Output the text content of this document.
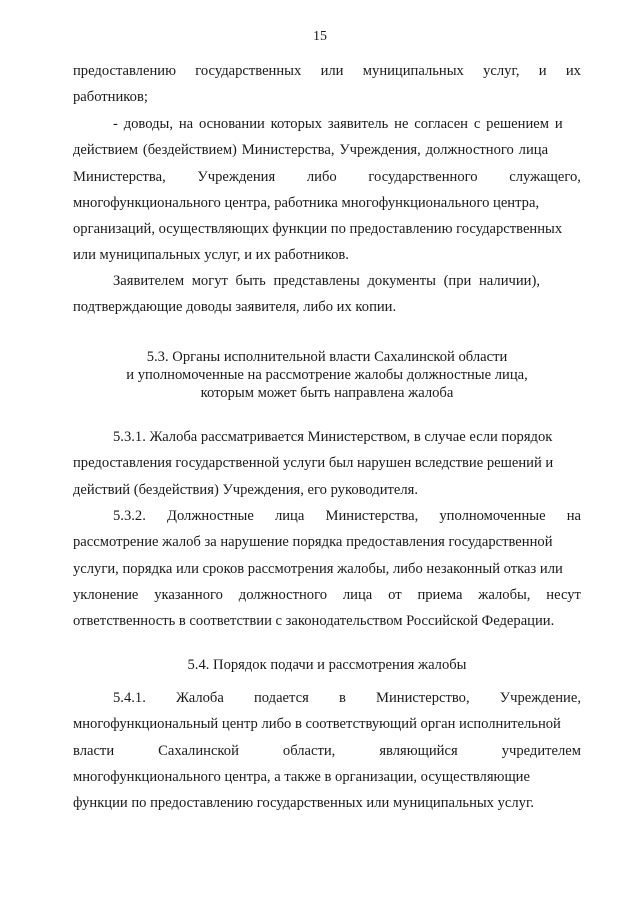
15
предоставлению государственных или муниципальных услуг, и их
работников;
- доводы, на основании которых заявитель не согласен с решением и
действием (бездействием) Министерства, Учреждения, должностного лица
Министерства, Учреждения либо государственного служащего,
многофункционального центра, работника многофункционального центра,
организаций, осуществляющих функции по предоставлению государственных
или муниципальных услуг, и их работников.
Заявителем могут быть представлены документы (при наличии),
подтверждающие доводы заявителя, либо их копии.
5.3. Органы исполнительной власти Сахалинской области
и уполномоченные на рассмотрение жалобы должностные лица,
которым может быть направлена жалоба
5.3.1. Жалоба рассматривается Министерством, в случае если порядок
предоставления государственной услуги был нарушен вследствие решений и
действий (бездействия) Учреждения, его руководителя.
5.3.2. Должностные лица Министерства, уполномоченные на
рассмотрение жалоб за нарушение порядка предоставления государственной
услуги, порядка или сроков рассмотрения жалобы, либо незаконный отказ или
уклонение указанного должностного лица от приема жалобы, несут
ответственность в соответствии с законодательством Российской Федерации.
5.4. Порядок подачи и рассмотрения жалобы
5.4.1. Жалоба подается в Министерство, Учреждение,
многофункциональный центр либо в соответствующий орган исполнительной
власти	Сахалинской	области,	являющийся	учредителем
многофункционального центра, а также в организации, осуществляющие
функции по предоставлению государственных или муниципальных услуг.
